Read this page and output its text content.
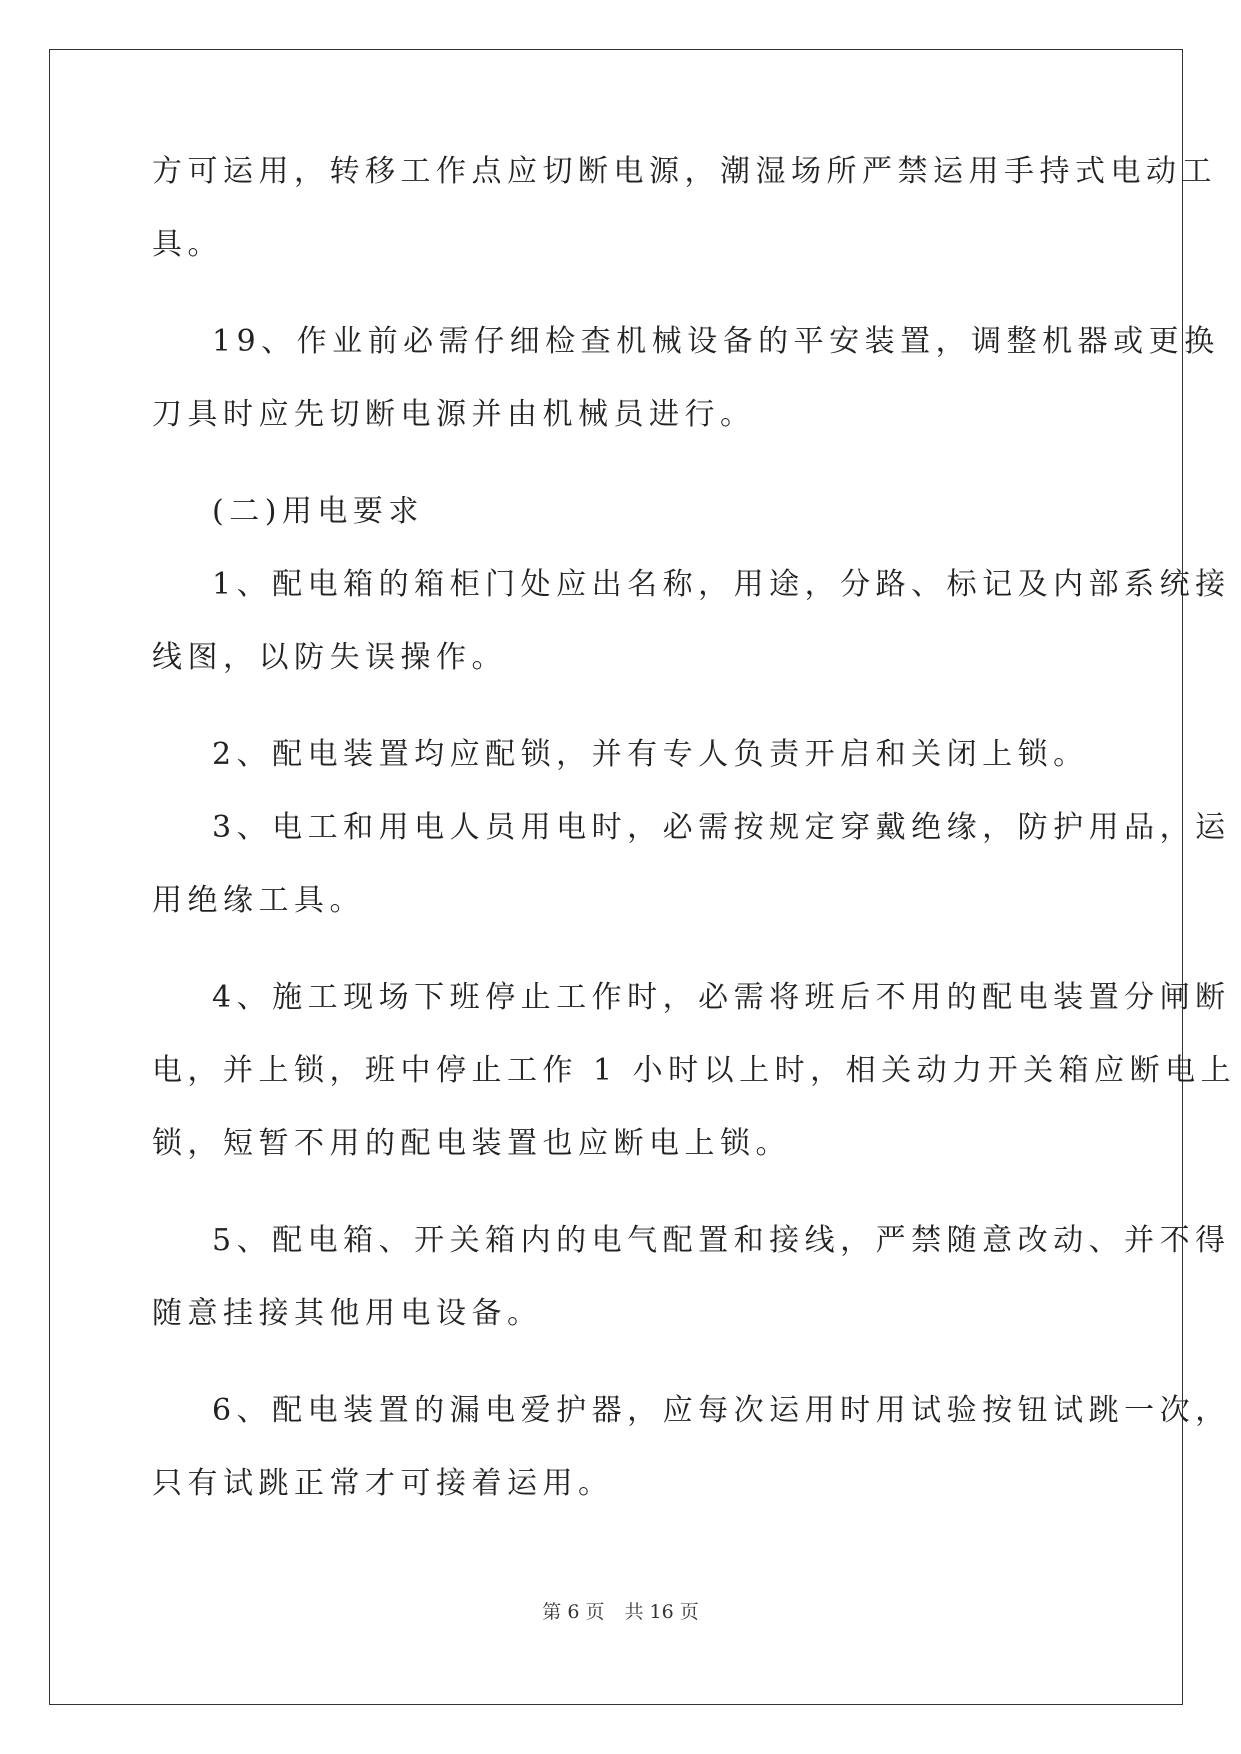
方可运用，转移工作点应切断电源，潮湿场所严禁运用手持式电动工
具。
19、作业前必需仔细检查机械设备的平安装置，调整机器或更换
刀具时应先切断电源并由机械员进行。
(二)用电要求
1、配电箱的箱柜门处应出名称，用途，分路、标记及内部系统接
线图，以防失误操作。
2、配电装置均应配锁，并有专人负责开启和关闭上锁。
3、电工和用电人员用电时，必需按规定穿戴绝缘，防护用品，运
用绝缘工具。
4、施工现场下班停止工作时，必需将班后不用的配电装置分闸断
电，并上锁，班中停止工作 1 小时以上时，相关动力开关箱应断电上
锁，短暂不用的配电装置也应断电上锁。
5、配电箱、开关箱内的电气配置和接线，严禁随意改动、并不得
随意挂接其他用电设备。
6、配电装置的漏电爱护器，应每次运用时用试验按钮试跳一次，
只有试跳正常才可接着运用。
第 6 页 共 16 页
